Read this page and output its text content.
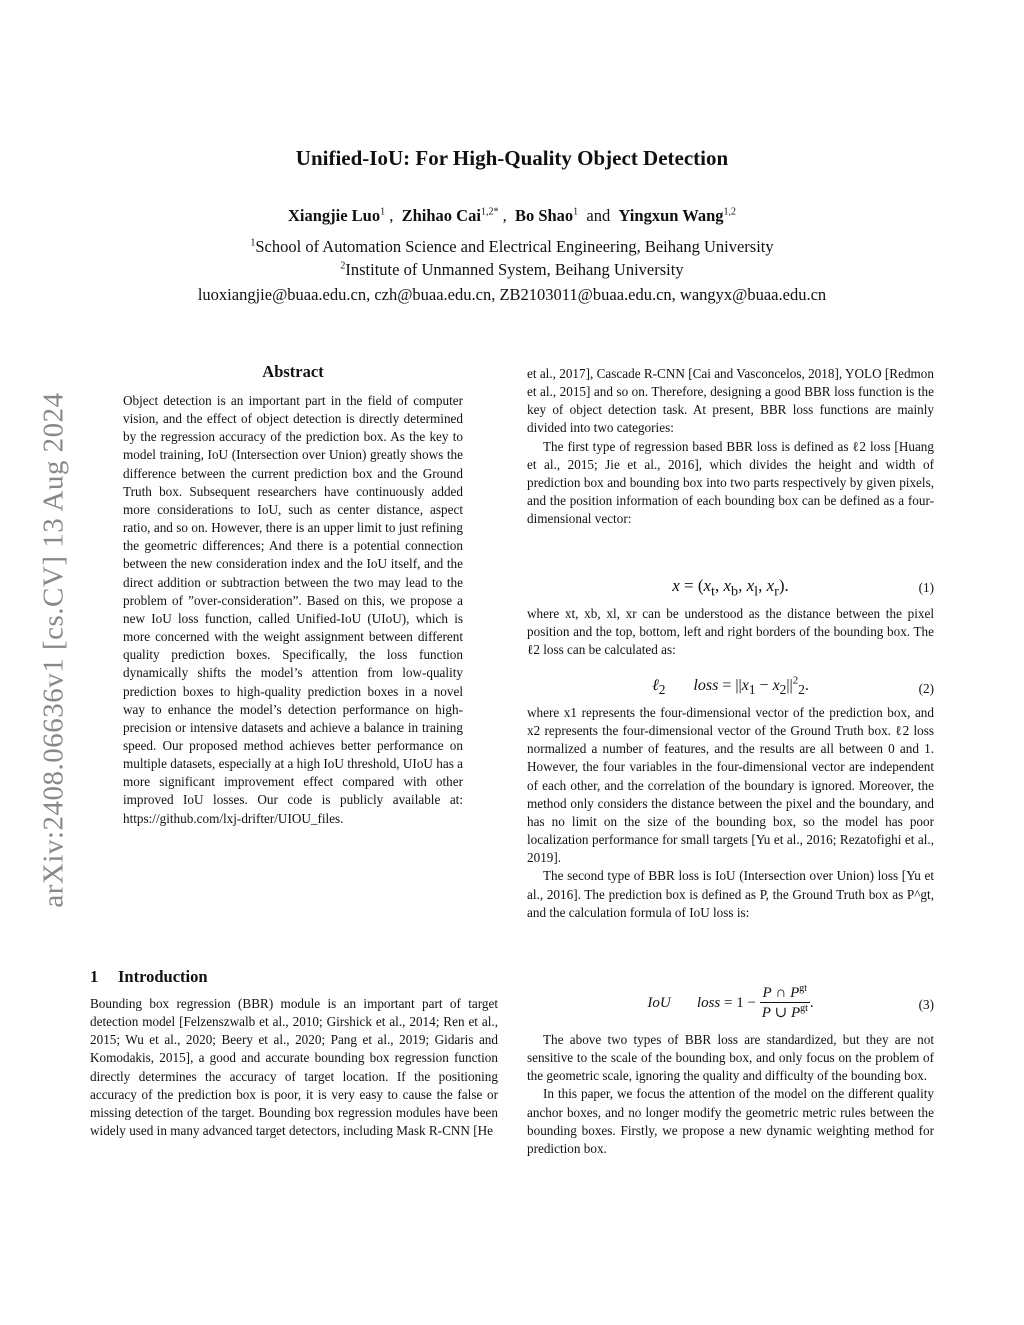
Unified-IoU: For High-Quality Object Detection
Xiangjie Luo$^1$ ,  Zhihao Cai$^{1,2*}$ ,  Bo Shao$^1$ and Yingxun Wang$^{1,2}$
$^1$School of Automation Science and Electrical Engineering, Beihang University
$^2$Institute of Unmanned System, Beihang University
luoxiangjie@buaa.edu.cn, czh@buaa.edu.cn, ZB2103011@buaa.edu.cn, wangyx@buaa.edu.cn
arXiv:2408.06636v1 [cs.CV] 13 Aug 2024
Abstract
Object detection is an important part in the field of computer vision, and the effect of object detection is directly determined by the regression accuracy of the prediction box. As the key to model training, IoU (Intersection over Union) greatly shows the difference between the current prediction box and the Ground Truth box. Subsequent researchers have continuously added more considerations to IoU, such as center distance, aspect ratio, and so on. However, there is an upper limit to just refining the geometric differences; And there is a potential connection between the new consideration index and the IoU itself, and the direct addition or subtraction between the two may lead to the problem of ”over-consideration”. Based on this, we propose a new IoU loss function, called Unified-IoU (UIoU), which is more concerned with the weight assignment between different quality prediction boxes. Specifically, the loss function dynamically shifts the model’s attention from low-quality prediction boxes to high-quality prediction boxes in a novel way to enhance the model’s detection performance on high-precision or intensive datasets and achieve a balance in training speed. Our proposed method achieves better performance on multiple datasets, especially at a high IoU threshold, UIoU has a more significant improvement effect compared with other improved IoU losses. Our code is publicly available at: https://github.com/lxj-drifter/UIOU_files.
1 Introduction
Bounding box regression (BBR) module is an important part of target detection model [Felzenszwalb et al., 2010; Girshick et al., 2014; Ren et al., 2015; Wu et al., 2020; Beery et al., 2020; Pang et al., 2019; Gidaris and Komodakis, 2015], a good and accurate bounding box regression function directly determines the accuracy of target location. If the positioning accuracy of the prediction box is poor, it is very easy to cause the false or missing detection of the target. Bounding box regression modules have been widely used in many advanced target detectors, including Mask R-CNN [He

et al., 2017], Cascade R-CNN [Cai and Vasconcelos, 2018], YOLO [Redmon et al., 2015] and so on. Therefore, designing a good BBR loss function is the key of object detection task. At present, BBR loss functions are mainly divided into two categories:

The first type of regression based BBR loss is defined as ℓ2 loss [Huang et al., 2015; Jie et al., 2016], which divides the height and width of prediction box and bounding box into two parts respectively by given pixels, and the position information of each bounding box can be defined as a four-dimensional vector:

$x = (x_t$, $x_b$, $x_l$, $x_r$).	(1)

where xt, xb, xl, xr can be understood as the distance between the pixel position and the top, bottom, left and right borders of the bounding box. The ℓ2 loss can be calculated as:

ℓ$_2$ loss = $||x_1 - x_2||^2_2$.	(2)

where x1 represents the four-dimensional vector of the prediction box, and x2 represents the four-dimensional vector of the Ground Truth box. ℓ2 loss normalized a number of features, and the results are all between 0 and 1. However, the four variables in the four-dimensional vector are independent of each other, and the correlation of the boundary is ignored. Moreover, the method only considers the distance between the pixel and the boundary, and has no limit on the size of the bounding box, so the model has poor localization performance for small targets [Yu et al., 2016; Rezatofighi et al., 2019].

The second type of BBR loss is IoU (Intersection over Union) loss [Yu et al., 2016]. The prediction box is defined as P, the Ground Truth box as P^gt, and the calculation formula of IoU loss is:

IoU loss = $1 - \frac{P \cap P^{gt}}{P \cup P^{gt}}$ .	(3)

The above two types of BBR loss are standardized, but they are not sensitive to the scale of the bounding box, and only focus on the problem of the geometric scale, ignoring the quality and difficulty of the bounding box.

In this paper, we focus the attention of the model on the different quality anchor boxes, and no longer modify the geometric metric rules between the bounding boxes. Firstly, we propose a new dynamic weighting method for prediction box.
